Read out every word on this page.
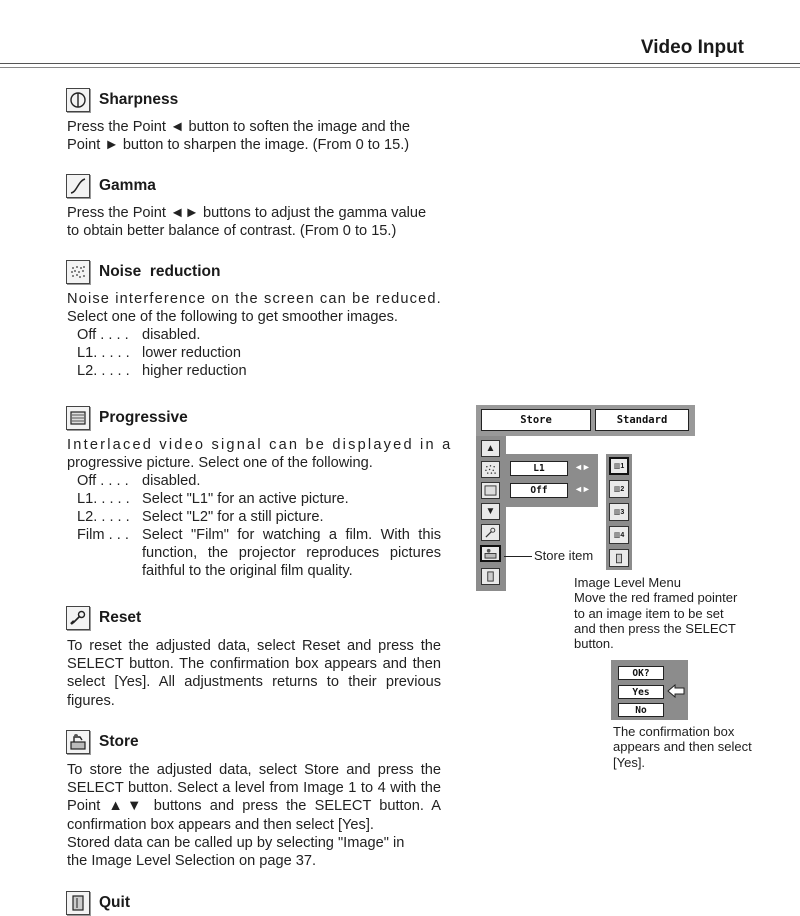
Video Input
Sharpness

Press the Point ◄ button to soften the image and the

Point ► button to sharpen the image. (From 0 to 15.)

Gamma

Press the Point ◄► buttons to adjust the gamma value

to obtain better balance of contrast. (From 0 to 15.)

Noise  reduction

Noise interference on the screen can be reduced.

Select one of the following to get smoother images.

Off . . . . disabled.
L1. . . . . lower reduction
L2. . . . . higher reduction
Progressive

Interlaced video signal can be displayed in a

progressive picture. Select one of the following.

Off . . . . disabled.
L1. . . . . Select "L1" for an active picture.
L2. . . . . Select "L2" for a still picture.
Film . . . Select "Film" for watching a film. With this function, the projector reproduces pictures faithful to the original film quality.
Reset

To reset the adjusted data, select Reset and press the SELECT button. The confirmation box appears and then select [Yes]. All adjustments returns to their previous figures.

Store

To store the adjusted data, select Store and press the SELECT button. Select a level from Image 1 to 4 with the Point ▲▼ buttons and press the SELECT button. A confirmation box appears and then select [Yes].

Stored data can be called up by selecting "Image" in

the Image Level Selection on page 37.

Quit
Store	Standard
▲
▼
L1	◄►
Off	◄►
▥ 1
▥ 2
▥ 3
▥ 4
Store item
Image Level Menu
Move the red framed pointer
to an image item to be set
and then press the SELECT
button.
OK?
Yes
No
The confirmation box
appears and then select
[Yes].
